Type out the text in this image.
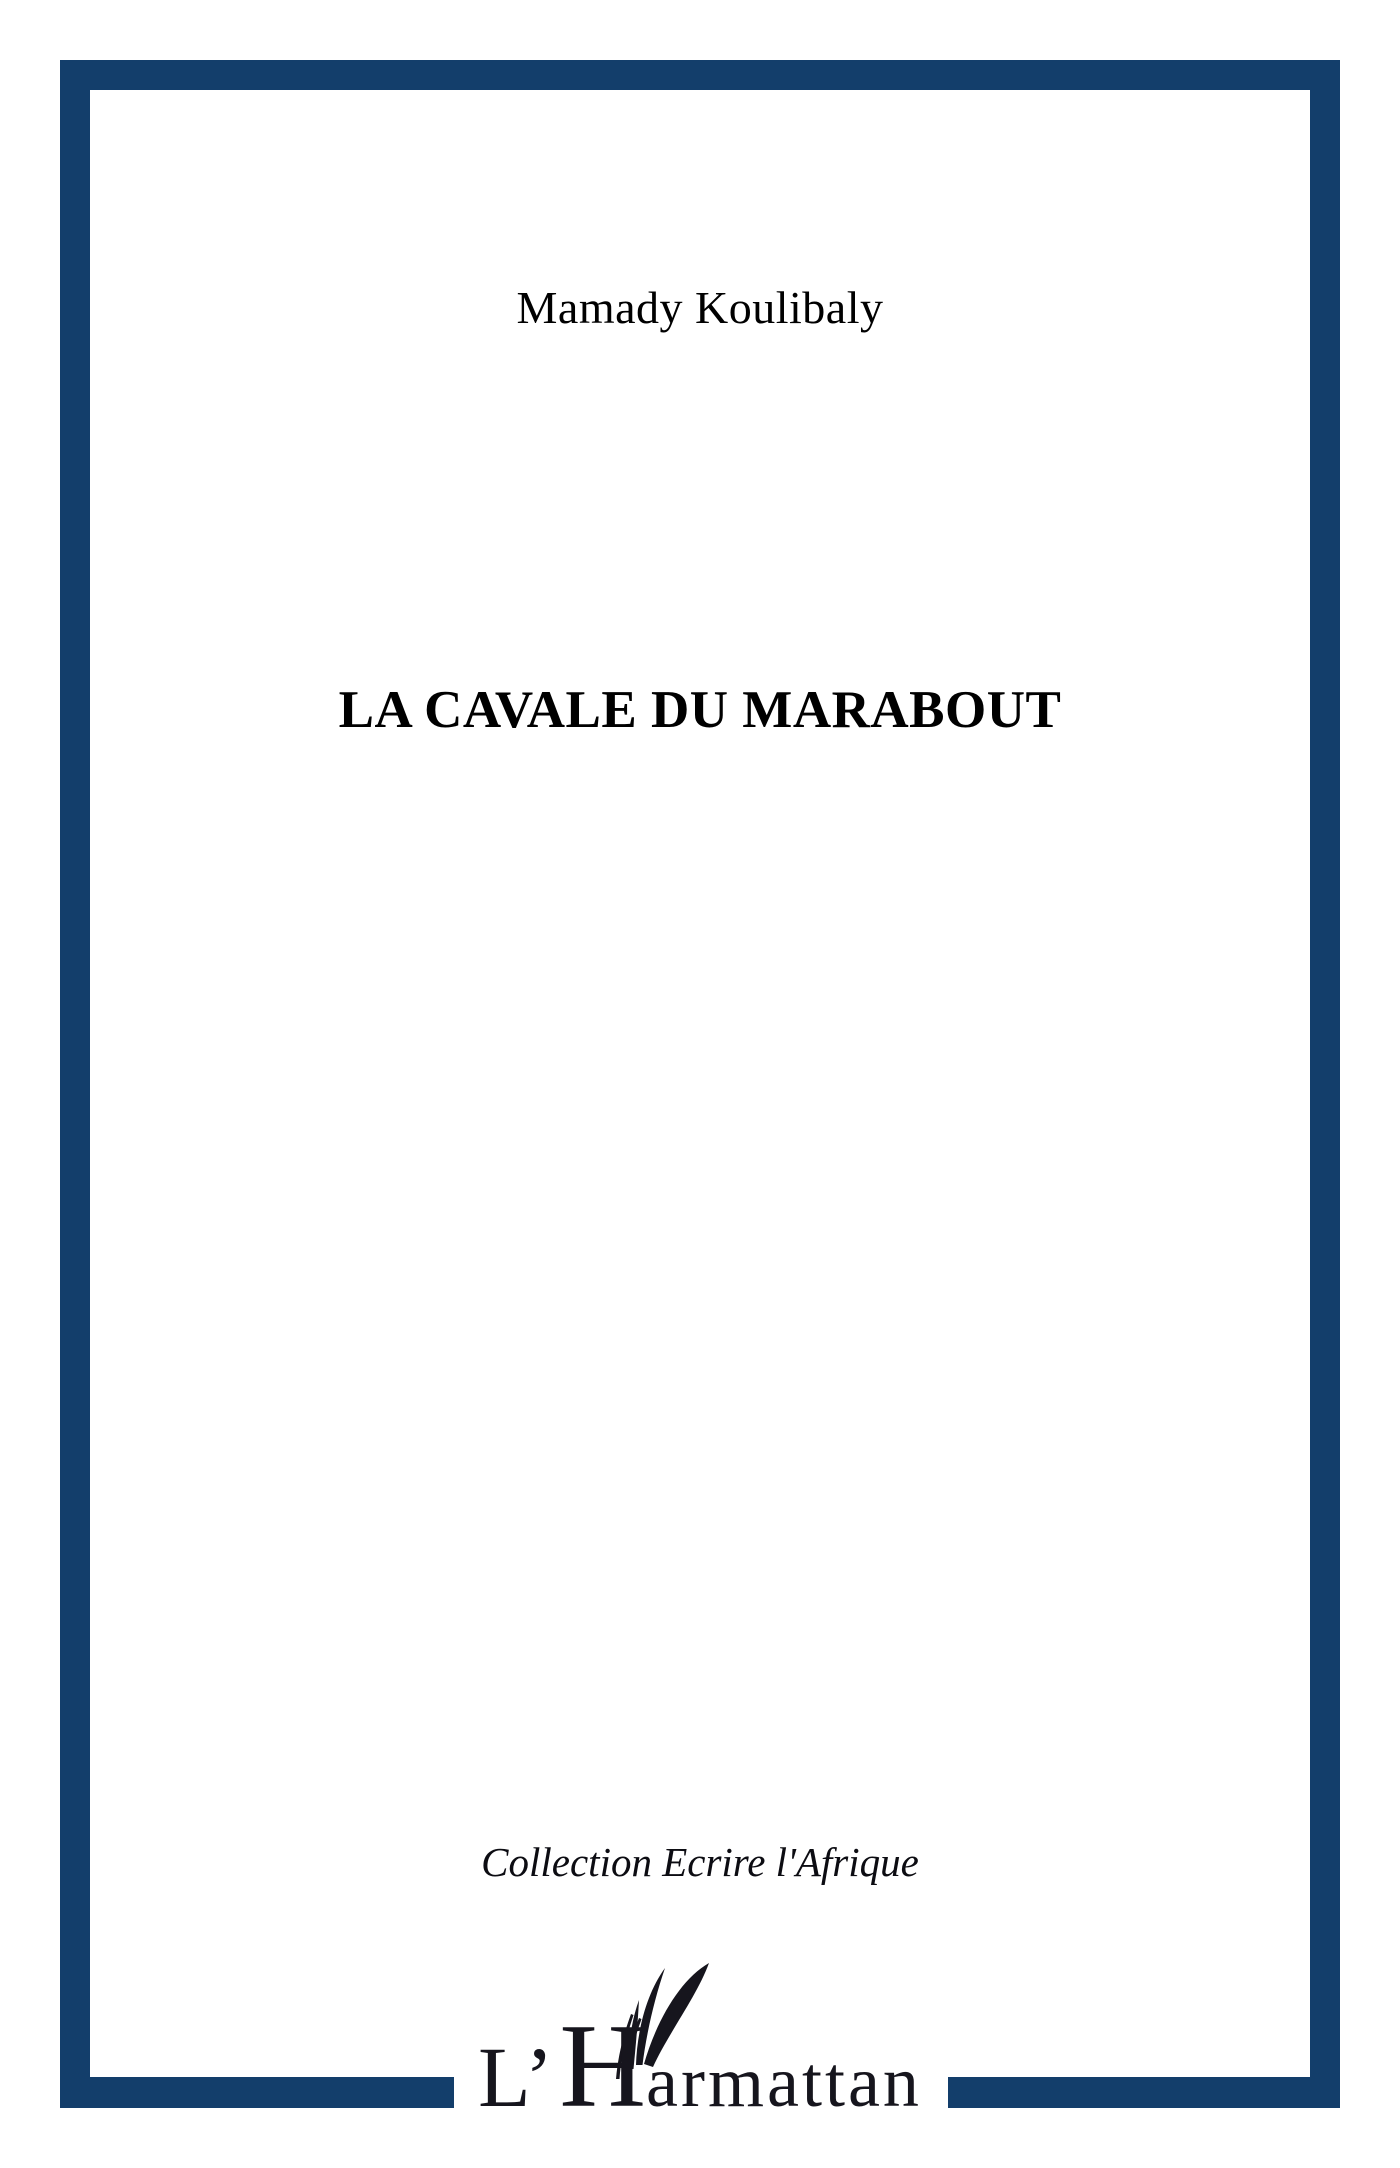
Mamady Koulibaly
LA CAVALE DU MARABOUT
Collection Ecrire l'Afrique
L’ H armattan
